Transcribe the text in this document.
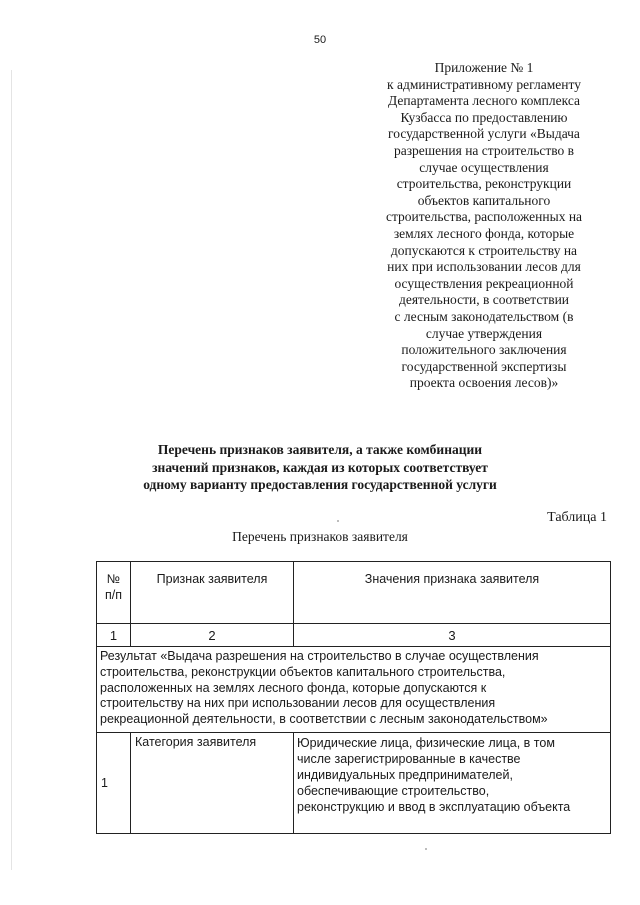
50
Приложение № 1
к административному регламенту
Департамента лесного комплекса
Кузбасса по предоставлению
государственной услуги «Выдача
разрешения на строительство в
случае осуществления
строительства, реконструкции
объектов капитального
строительства, расположенных на
землях лесного фонда, которые
допускаются к строительству на
них при использовании лесов для
осуществления рекреационной
деятельности, в соответствии
с лесным законодательством (в
случае утверждения
положительного заключения
государственной экспертизы
проекта освоения лесов)»
Перечень признаков заявителя, а также комбинации
значений признаков, каждая из которых соответствует
одному варианту предоставления государственной услуги
Таблица 1
Перечень признаков заявителя
№
п/п	Признак заявителя	Значения признака заявителя
1	2	3

Результат «Выдача разрешения на строительство в случае осуществления
строительства, реконструкции объектов капитального строительства,
расположенных на землях лесного фонда, которые допускаются к
строительству на них при использовании лесов для осуществления
рекреационной деятельности, в соответствии с лесным законодательством»		

1	Категория заявителя	Юридические лица, физические лица, в том
числе зарегистрированные в качестве
индивидуальных предпринимателей,
обеспечивающие строительство,
реконструкцию и ввод в эксплуатацию объекта
